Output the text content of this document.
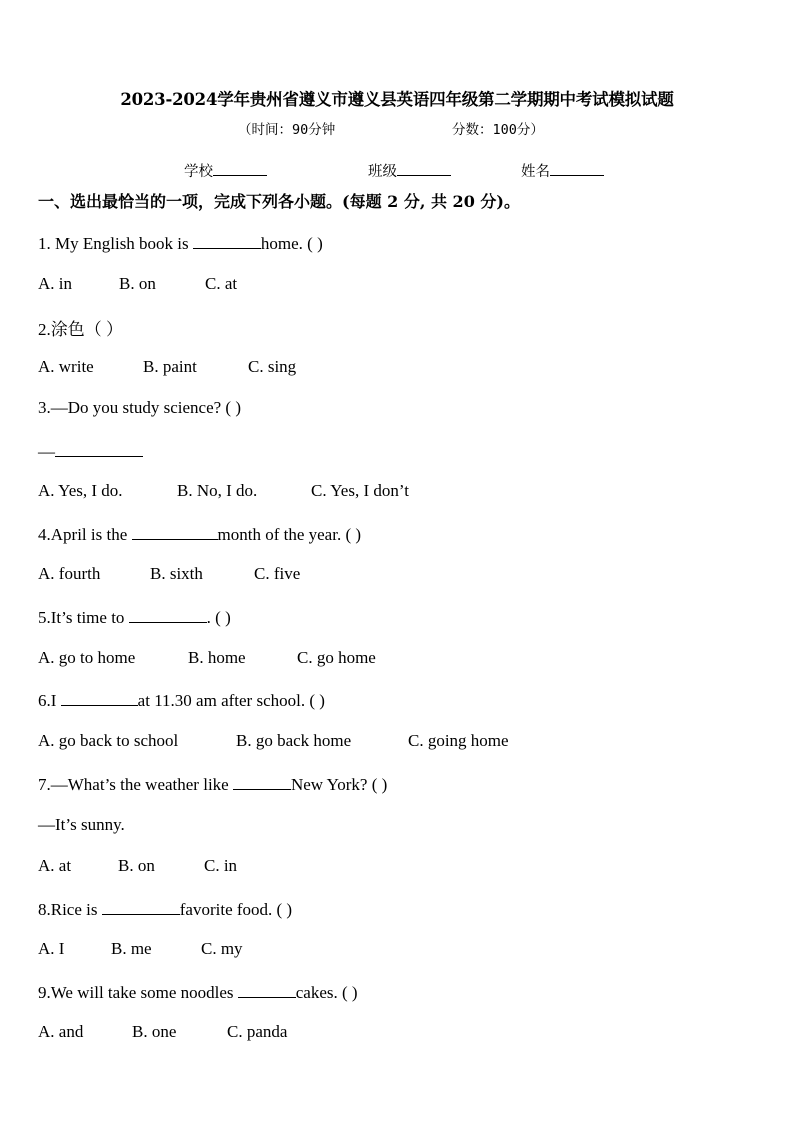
2023-2024学年贵州省遵义市遵义县英语四年级第二学期期中考试模拟试题
（时间：90分钟	分数：100分）
学校	班级	姓名
一、选出最恰当的一项，完成下列各小题。(每题 2 分, 共 20 分)。
1. My English book is	home. ( )
A. in	B. on	C. at
2.涂色（ ）
A. write	B. paint	C. sing
3.—Do you study science? ( )
—
A. Yes, I do.	B. No, I do.	C. Yes, I don’t
4.April is the	month of the year. ( )
A. fourth	B. sixth	C. five
5.It’s time to	. ( )
A. go to home	B. home	C. go home
6.I	at 11.30 am after school. ( )
A. go back to school	B. go back home	C. going home
7.—What’s the weather like	New York? ( )
—It’s sunny.
A. at	B. on	C. in
8.Rice is	favorite food. ( )
A. I	B. me	C. my
9.We will take some noodles	cakes. ( )
A. and	B. one	C. panda
